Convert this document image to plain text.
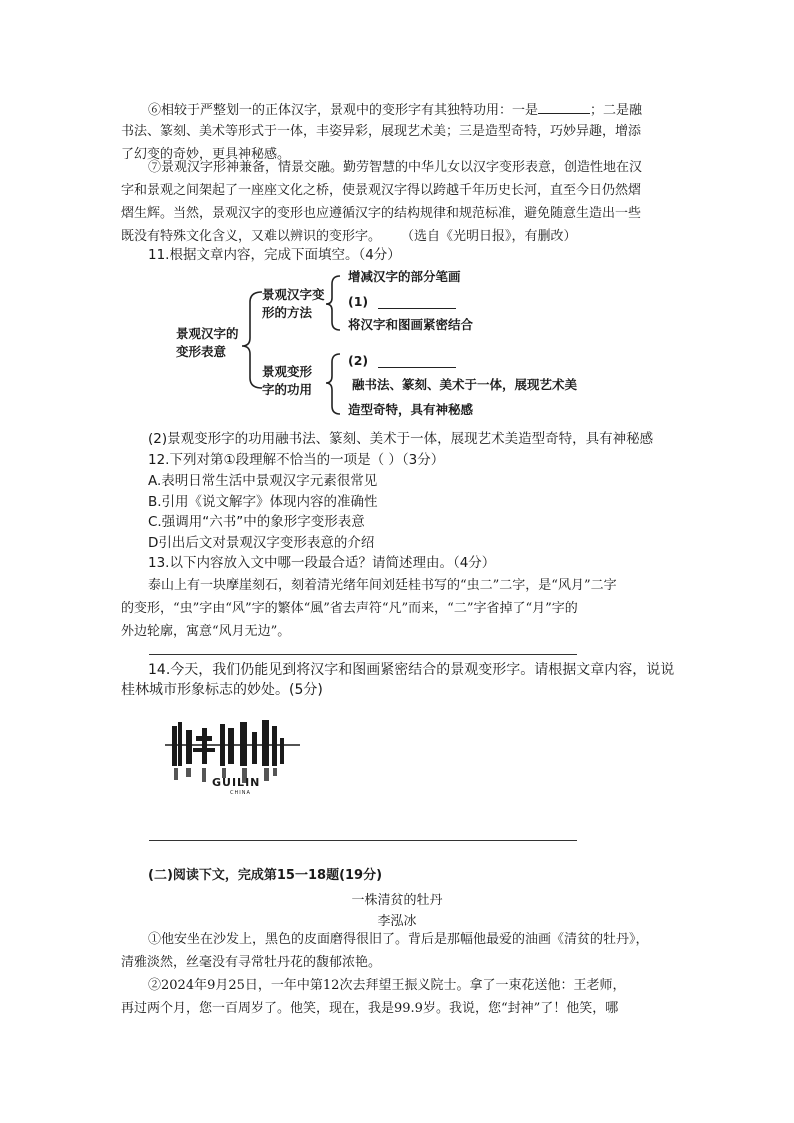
⑥相较于严整划一的正体汉字，景观中的变形字有其独特功用：一是	；二是融
书法、篆刻、美术等形式于一体，丰姿异彩，展现艺术美；三是造型奇特，巧妙异趣，增添
了幻变的奇妙，更具神秘感。
⑦景观汉字形神兼备，情景交融。勤劳智慧的中华儿女以汉字变形表意，创造性地在汉
字和景观之间架起了一座座文化之桥，使景观汉字得以跨越千年历史长河，直至今日仍然熠
熠生辉。当然，景观汉字的变形也应遵循汉字的结构规律和规范标准，避免随意生造出一些
既没有特殊文化含义，又难以辨识的变形字。 （选自《光明日报》，有删改）
11.根据文章内容，完成下面填空。（4分）
景观汉字的
变形表意
景观汉字变
形的方法
景观变形
字的功用
增减汉字的部分笔画
(1)
将汉字和图画紧密结合
(2)
融书法、篆刻、美术于一体，展现艺术美
造型奇特，具有神秘感
(2)景观变形字的功用融书法、篆刻、美术于一体，展现艺术美造型奇特，具有神秘感
12.下列对第①段理解不恰当的一项是（ ）（3分）
A.表明日常生活中景观汉字元素很常见
B.引用《说文解字》体现内容的准确性
C.强调用“六书”中的象形字变形表意
D引出后文对景观汉字变形表意的介绍
13.以下内容放入文中哪一段最合适？请简述理由。（4分）
泰山上有一块摩崖刻石，刻着清光绪年间刘廷桂书写的“虫二”二字，是“风月”二字
的变形，“虫”字由“风”字的繁体“風”省去声符“凡”而来，“二”字省掉了“月”字的
外边轮廓，寓意“风月无边”。
14.今天，我们仍能见到将汉字和图画紧密结合的景观变形字。请根据文章内容，说说
桂林城市形象标志的妙处。(5分)
GUILIN
CHINA
(二)阅读下文，完成第15一18题(19分)
一株清贫的牡丹
李泓冰
①他安坐在沙发上，黑色的皮面磨得很旧了。背后是那幅他最爱的油画《清贫的牡丹》，
清雅淡然，丝毫没有寻常牡丹花的馥郁浓艳。
②2024年9月25日，一年中第12次去拜望王振义院士。拿了一束花送他：王老师，
再过两个月，您一百周岁了。他笑，现在，我是99.9岁。我说，您“封神”了！他笑，哪
